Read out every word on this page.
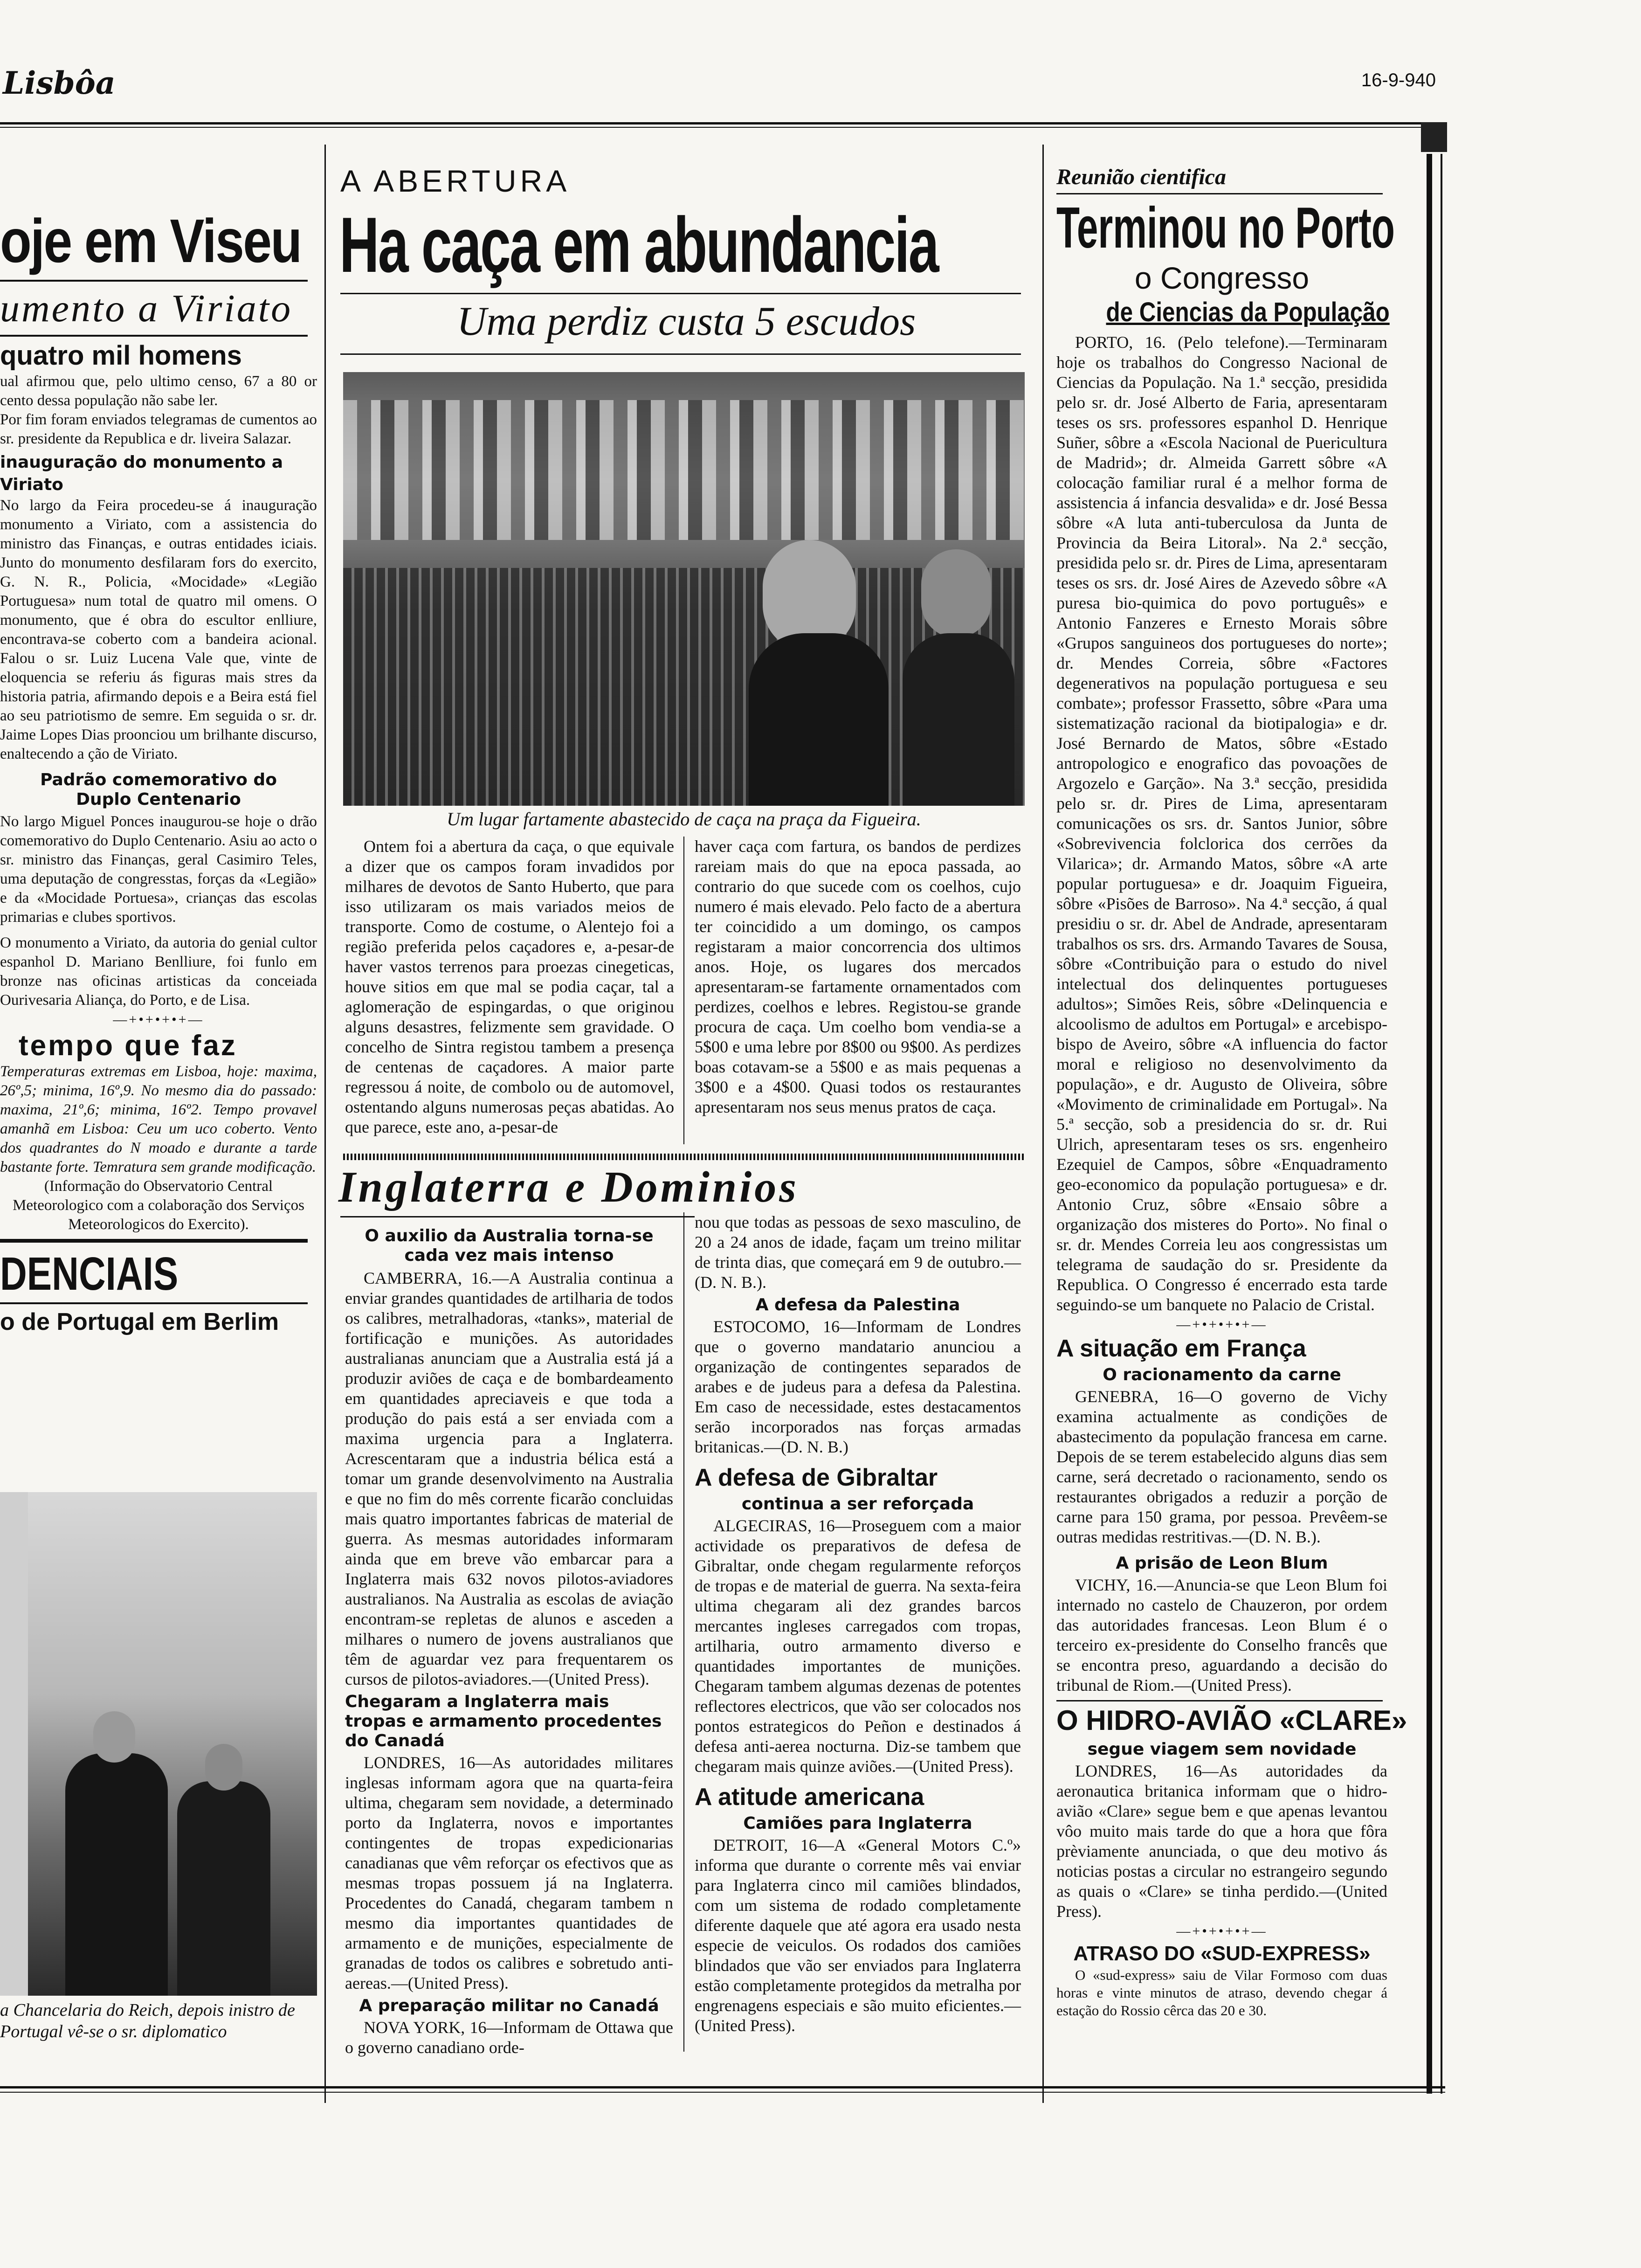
Lisbôa	16-9-940
oje em Viseu
umento a Viriato
quatro mil homens

ual afirmou que, pelo ultimo censo, 67 a 80 or cento dessa população não sabe ler.

Por fim foram enviados telegramas de cumentos ao sr. presidente da Republica e dr. liveira Salazar.

inauguração do monumento a Viriato

No largo da Feira procedeu-se á inauguração monumento a Viriato, com a assistencia do ministro das Finanças, e outras entidades iciais. Junto do monumento desfilaram fors do exercito, G. N. R., Policia, «Mocidade» «Legião Portuguesa» num total de quatro mil omens. O monumento, que é obra do escultor enlliure, encontrava-se coberto com a bandeira acional. Falou o sr. Luiz Lucena Vale que, vinte de eloquencia se referiu ás figuras mais stres da historia patria, afirmando depois e a Beira está fiel ao seu patriotismo de semre. Em seguida o sr. dr. Jaime Lopes Dias proonciou um brilhante discurso, enaltecendo a ção de Viriato.

Padrão comemorativo do Duplo Centenario

No largo Miguel Ponces inaugurou-se hoje o drão comemorativo do Duplo Centenario. Asiu ao acto o sr. ministro das Finanças, geral Casimiro Teles, uma deputação de congresstas, forças da «Legião» e da «Mocidade Portuesa», crianças das escolas primarias e clubes sportivos.

O monumento a Viriato, da autoria do genial cultor espanhol D. Mariano Benlliure, foi funlo em bronze nas oficinas artisticas da conceiada Ourivesaria Aliança, do Porto, e de Lisa.

—+•+•+•+—
tempo que faz

Temperaturas extremas em Lisboa, hoje: maxima, 26º,5; minima, 16º,9. No mesmo dia do passado: maxima, 21º,6; minima, 16º2. Tempo provavel amanhã em Lisboa: Ceu um uco coberto. Vento dos quadrantes do N moado e durante a tarde bastante forte. Temratura sem grande modificação.

(Informação do Observatorio Central Meteorologico com a colaboração dos Serviços Meteorologicos do Exercito).

DENCIAIS
o de Portugal em Berlim
a Chancelaria do Reich, depois inistro de Portugal vê-se o sr. diplomatico
A ABERTURA
Ha caça em abundancia
Uma perdiz custa 5 escudos
Um lugar fartamente abastecido de caça na praça da Figueira.

Ontem foi a abertura da caça, o que equivale a dizer que os campos foram invadidos por milhares de devotos de Santo Huberto, que para isso utilizaram os mais variados meios de transporte. Como de costume, o Alentejo foi a região preferida pelos caçadores e, a-pesar-de haver vastos terrenos para proezas cinegeticas, houve sitios em que mal se podia caçar, tal a aglomeração de espingardas, o que originou alguns desastres, felizmente sem gravidade. O concelho de Sintra registou tambem a presença de centenas de caçadores. A maior parte regressou á noite, de combolo ou de automovel, ostentando alguns numerosas peças abatidas. Ao que parece, este ano, a-pesar-de

haver caça com fartura, os bandos de perdizes rareiam mais do que na epoca passada, ao contrario do que sucede com os coelhos, cujo numero é mais elevado. Pelo facto de a abertura ter coincidido a um domingo, os campos registaram a maior concorrencia dos ultimos anos. Hoje, os lugares dos mercados apresentaram-se fartamente ornamentados com perdizes, coelhos e lebres. Registou-se grande procura de caça. Um coelho bom vendia-se a 5$00 e uma lebre por 8$00 ou 9$00. As perdizes boas cotavam-se a 5$00 e as mais pequenas a 3$00 e a 4$00. Quasi todos os restaurantes apresentaram nos seus menus pratos de caça.

Inglaterra e Dominios
O auxilio da Australia torna-se cada vez mais intenso

CAMBERRA, 16.—A Australia continua a enviar grandes quantidades de artilharia de todos os calibres, metralhadoras, «tanks», material de fortificação e munições. As autoridades australianas anunciam que a Australia está já a produzir aviões de caça e de bombardeamento em quantidades apreciaveis e que toda a produção do pais está a ser enviada com a maxima urgencia para a Inglaterra. Acrescentaram que a industria bélica está a tomar um grande desenvolvimento na Australia e que no fim do mês corrente ficarão concluidas mais quatro importantes fabricas de material de guerra. As mesmas autoridades informaram ainda que em breve vão embarcar para a Inglaterra mais 632 novos pilotos-aviadores australianos. Na Australia as escolas de aviação encontram-se repletas de alunos e asceden a milhares o numero de jovens australianos que têm de aguardar vez para frequentarem os cursos de pilotos-aviadores.—(United Press).

Chegaram a Inglaterra mais tropas e armamento procedentes do Canadá

LONDRES, 16—As autoridades militares inglesas informam agora que na quarta-feira ultima, chegaram sem novidade, a determinado porto da Inglaterra, novos e importantes contingentes de tropas expedicionarias canadianas que vêm reforçar os efectivos que as mesmas tropas possuem já na Inglaterra. Procedentes do Canadá, chegaram tambem n mesmo dia importantes quantidades de armamento e de munições, especialmente de granadas de todos os calibres e sobretudo anti-aereas.—(United Press).

A preparação militar no Canadá

NOVA YORK, 16—Informam de Ottawa que o governo canadiano orde-

nou que todas as pessoas de sexo masculino, de 20 a 24 anos de idade, façam um treino militar de trinta dias, que começará em 9 de outubro.—(D. N. B.).

A defesa da Palestina

ESTOCOMO, 16—Informam de Londres que o governo mandatario anunciou a organização de contingentes separados de arabes e de judeus para a defesa da Palestina. Em caso de necessidade, estes destacamentos serão incorporados nas forças armadas britanicas.—(D. N. B.)

A defesa de Gibraltar
continua a ser reforçada

ALGECIRAS, 16—Proseguem com a maior actividade os preparativos de defesa de Gibraltar, onde chegam regularmente reforços de tropas e de material de guerra. Na sexta-feira ultima chegaram ali dez grandes barcos mercantes ingleses carregados com tropas, artilharia, outro armamento diverso e quantidades importantes de munições. Chegaram tambem algumas dezenas de potentes reflectores electricos, que vão ser colocados nos pontos estrategicos do Peñon e destinados á defesa anti-aerea nocturna. Diz-se tambem que chegaram mais quinze aviões.—(United Press).

A atitude americana
Camiões para Inglaterra

DETROIT, 16—A «General Motors C.º» informa que durante o corrente mês vai enviar para Inglaterra cinco mil camiões blindados, com um sistema de rodado completamente diferente daquele que até agora era usado nesta especie de veiculos. Os rodados dos camiões blindados que vão ser enviados para Inglaterra estão completamente protegidos da metralha por engrenagens especiais e são muito eficientes.—(United Press).

Reunião cientifica
Terminou no Porto
o Congresso
de Ciencias da População

PORTO, 16. (Pelo telefone).—Terminaram hoje os trabalhos do Congresso Nacional de Ciencias da População. Na 1.ª secção, presidida pelo sr. dr. José Alberto de Faria, apresentaram teses os srs. professores espanhol D. Henrique Suñer, sôbre a «Escola Nacional de Puericultura de Madrid»; dr. Almeida Garrett sôbre «A colocação familiar rural é a melhor forma de assistencia á infancia desvalida» e dr. José Bessa sôbre «A luta anti-tuberculosa da Junta de Provincia da Beira Litoral». Na 2.ª secção, presidida pelo sr. dr. Pires de Lima, apresentaram teses os srs. dr. José Aires de Azevedo sôbre «A puresa bio-quimica do povo português» e Antonio Fanzeres e Ernesto Morais sôbre «Grupos sanguineos dos portugueses do norte»; dr. Mendes Correia, sôbre «Factores degenerativos na população portuguesa e seu combate»; professor Frassetto, sôbre «Para uma sistematização racional da biotipalogia» e dr. José Bernardo de Matos, sôbre «Estado antropologico e enografico das povoações de Argozelo e Garção». Na 3.ª secção, presidida pelo sr. dr. Pires de Lima, apresentaram comunicações os srs. dr. Santos Junior, sôbre «Sobrevivencia folclorica dos cerrões da Vilarica»; dr. Armando Matos, sôbre «A arte popular portuguesa» e dr. Joaquim Figueira, sôbre «Pisões de Barroso». Na 4.ª secção, á qual presidiu o sr. dr. Abel de Andrade, apresentaram trabalhos os srs. drs. Armando Tavares de Sousa, sôbre «Contribuição para o estudo do nivel intelectual dos delinquentes portugueses adultos»; Simões Reis, sôbre «Delinquencia e alcoolismo de adultos em Portugal» e arcebispo-bispo de Aveiro, sôbre «A influencia do factor moral e religioso no desenvolvimento da população», e dr. Augusto de Oliveira, sôbre «Movimento de criminalidade em Portugal». Na 5.ª secção, sob a presidencia do sr. dr. Rui Ulrich, apresentaram teses os srs. engenheiro Ezequiel de Campos, sôbre «Enquadramento geo-economico da população portuguesa» e dr. Antonio Cruz, sôbre «Ensaio sôbre a organização dos misteres do Porto». No final o sr. dr. Mendes Correia leu aos congressistas um telegrama de saudação do sr. Presidente da Republica. O Congresso é encerrado esta tarde seguindo-se um banquete no Palacio de Cristal.

—+•+•+•+—
A situação em França
O racionamento da carne

GENEBRA, 16—O governo de Vichy examina actualmente as condições de abastecimento da população francesa em carne. Depois de se terem estabelecido alguns dias sem carne, será decretado o racionamento, sendo os restaurantes obrigados a reduzir a porção de carne para 150 grama, por pessoa. Prevêem-se outras medidas restritivas.—(D. N. B.).

A prisão de Leon Blum

VICHY, 16.—Anuncia-se que Leon Blum foi internado no castelo de Chauzeron, por ordem das autoridades francesas. Leon Blum é o terceiro ex-presidente do Conselho francês que se encontra preso, aguardando a decisão do tribunal de Riom.—(United Press).

O HIDRO-AVIÃO «CLARE»
segue viagem sem novidade

LONDRES, 16—As autoridades da aeronautica britanica informam que o hidro-avião «Clare» segue bem e que apenas levantou vôo muito mais tarde do que a hora que fôra prèviamente anunciada, o que deu motivo ás noticias postas a circular no estrangeiro segundo as quais o «Clare» se tinha perdido.—(United Press).

—+•+•+•+—
ATRASO DO «SUD-EXPRESS»

O «sud-express» saiu de Vilar Formoso com duas horas e vinte minutos de atraso, devendo chegar á estação do Rossio cêrca das 20 e 30.
